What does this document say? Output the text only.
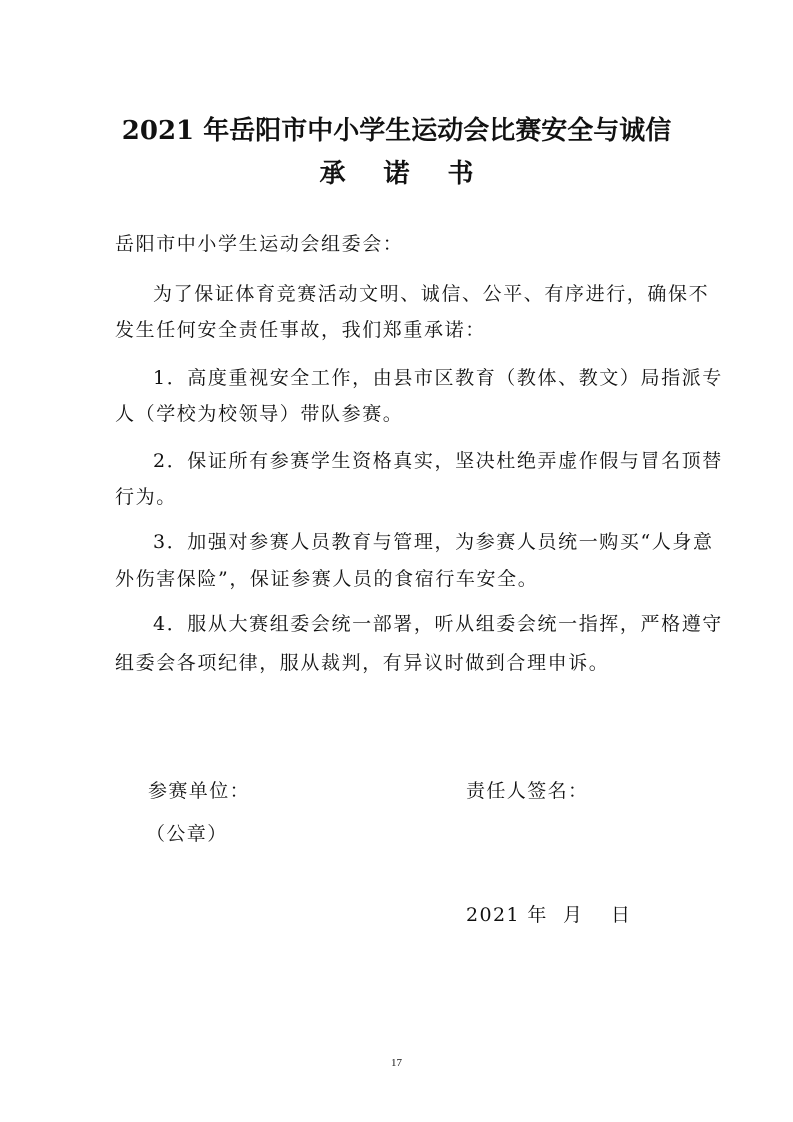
2021 年岳阳市中小学生运动会比赛安全与诚信
承 诺 书
岳阳市中小学生运动会组委会：
为了保证体育竞赛活动文明、诚信、公平、有序进行，确保不
发生任何安全责任事故，我们郑重承诺：
1．高度重视安全工作，由县市区教育（教体、教文）局指派专
人（学校为校领导）带队参赛。
2．保证所有参赛学生资格真实，坚决杜绝弄虚作假与冒名顶替
行为。
3．加强对参赛人员教育与管理，为参赛人员统一购买“人身意
外伤害保险”，保证参赛人员的食宿行车安全。
4．服从大赛组委会统一部署，听从组委会统一指挥，严格遵守
组委会各项纪律，服从裁判，有异议时做到合理申诉。
参赛单位：	责任人签名：
（公章）
2021 年 月 日
17
